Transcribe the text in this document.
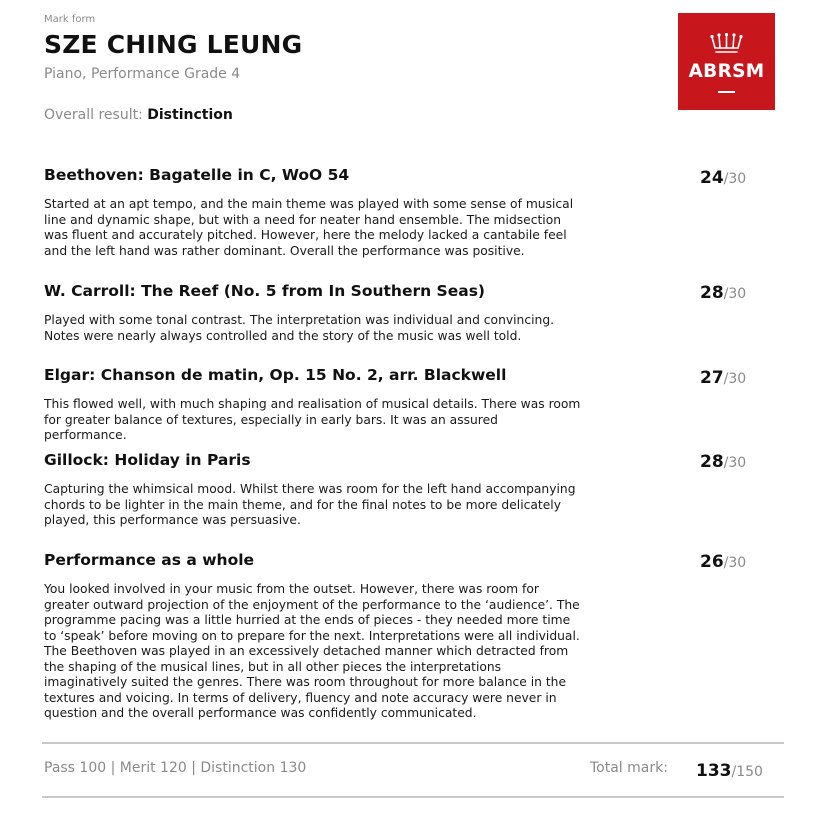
Mark form
SZE CHING LEUNG
Piano, Performance Grade 4
Overall result: Distinction
ABRSM
Beethoven: Bagatelle in C, WoO 54	24/30
Started at an apt tempo, and the main theme was played with some sense of musical line and dynamic shape, but with a need for neater hand ensemble. The midsection was fluent and accurately pitched. However, here the melody lacked a cantabile feel and the left hand was rather dominant. Overall the performance was positive.
W. Carroll: The Reef (No. 5 from In Southern Seas)	28/30
Played with some tonal contrast. The interpretation was individual and convincing. Notes were nearly always controlled and the story of the music was well told.
Elgar: Chanson de matin, Op. 15 No. 2, arr. Blackwell	27/30
This flowed well, with much shaping and realisation of musical details. There was room for greater balance of textures, especially in early bars. It was an assured performance.
Gillock: Holiday in Paris	28/30
Capturing the whimsical mood. Whilst there was room for the left hand accompanying chords to be lighter in the main theme, and for the final notes to be more delicately played, this performance was persuasive.
Performance as a whole	26/30
You looked involved in your music from the outset. However, there was room for greater outward projection of the enjoyment of the performance to the ‘audience’. The programme pacing was a little hurried at the ends of pieces - they needed more time to ‘speak’ before moving on to prepare for the next. Interpretations were all individual. The Beethoven was played in an excessively detached manner which detracted from the shaping of the musical lines, but in all other pieces the interpretations imaginatively suited the genres. There was room throughout for more balance in the textures and voicing. In terms of delivery, fluency and note accuracy were never in question and the overall performance was confidently communicated.
Pass 100 | Merit 120 | Distinction 130	Total mark: 133/150
